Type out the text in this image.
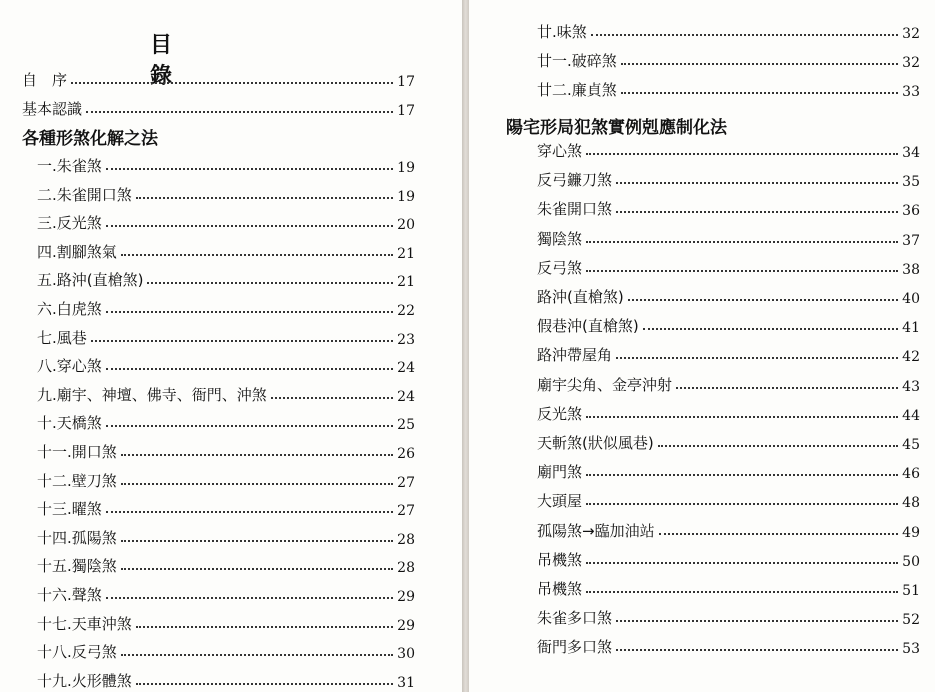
目 錄
自　序	17
基本認識	17
各種形煞化解之法
一.朱雀煞	19
二.朱雀開口煞	19
三.反光煞	20
四.割腳煞氣	21
五.路沖(直槍煞)	21
六.白虎煞	22
七.風巷	23
八.穿心煞	24
九.廟宇、神壇、佛寺、衙門、沖煞	24
十.天橋煞	25
十一.開口煞	26
十二.壁刀煞	27
十三.曜煞	27
十四.孤陽煞	28
十五.獨陰煞	28
十六.聲煞	29
十七.天車沖煞	29
十八.反弓煞	30
十九.火形體煞	31
廿.味煞	32
廿一.破碎煞	32
廿二.廉貞煞	33
陽宅形局犯煞實例剋應制化法
穿心煞	34
反弓鐮刀煞	35
朱雀開口煞	36
獨陰煞	37
反弓煞	38
路沖(直槍煞)	40
假巷沖(直槍煞)	41
路沖帶屋角	42
廟宇尖角、金亭沖射	43
反光煞	44
天斬煞(狀似風巷)	45
廟門煞	46
大頭屋	48
孤陽煞→臨加油站	49
吊機煞	50
吊機煞	51
朱雀多口煞	52
衙門多口煞	53
